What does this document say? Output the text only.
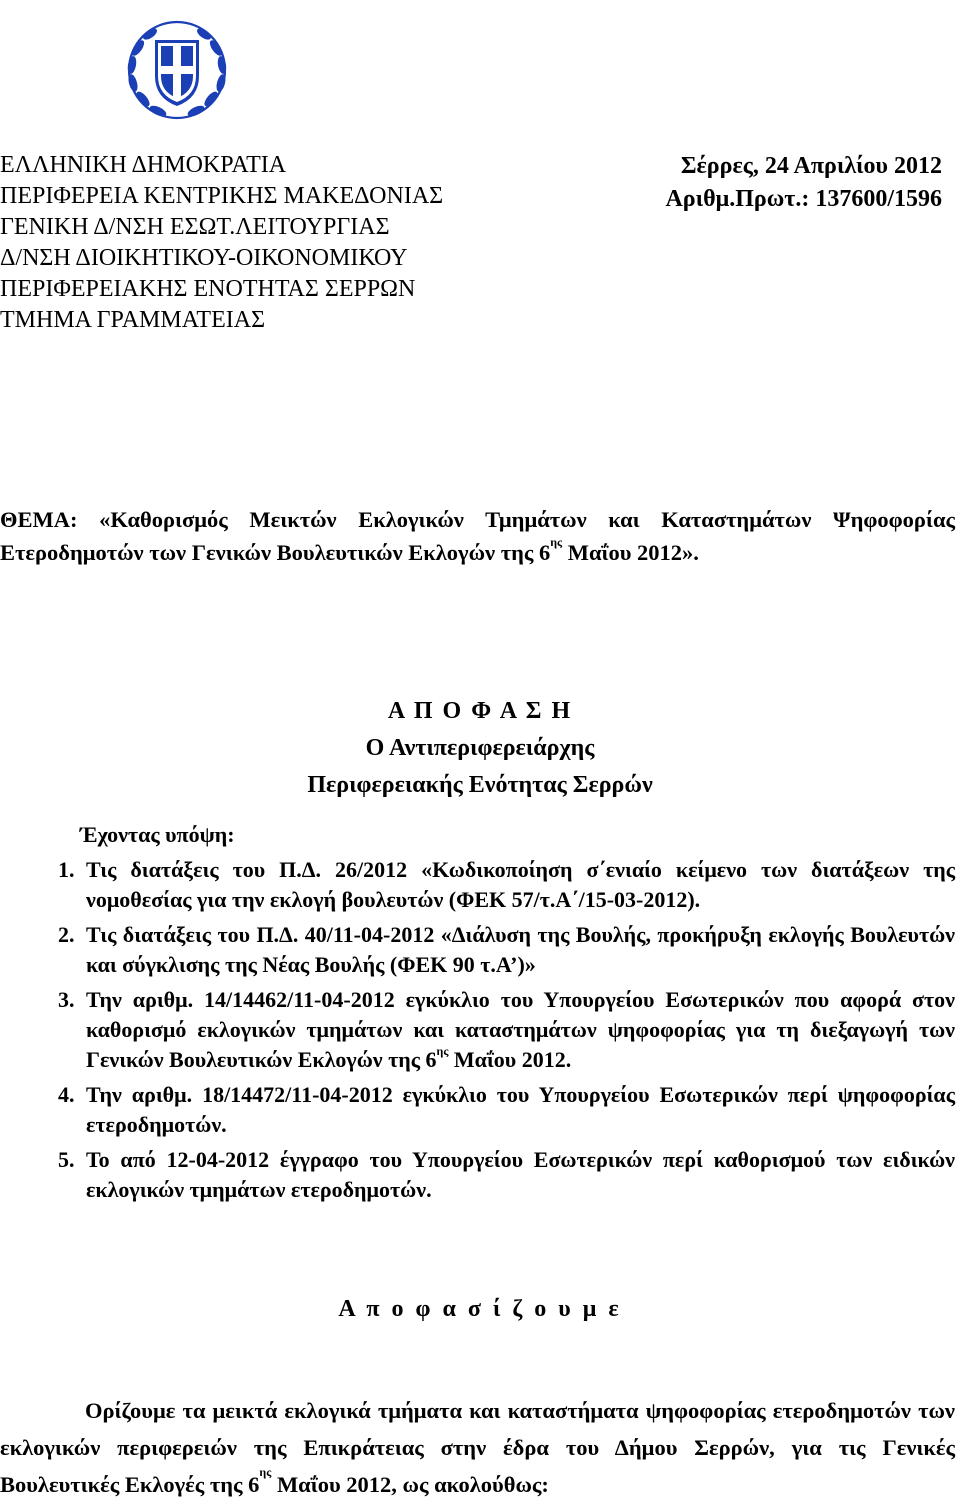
ΕΛΛΗΝΙΚΗ ΔΗΜΟΚΡΑΤΙΑ
ΠΕΡΙΦΕΡΕΙΑ ΚΕΝΤΡΙΚΗΣ ΜΑΚΕΔΟΝΙΑΣ
ΓΕΝΙΚΗ Δ/ΝΣΗ ΕΣΩΤ.ΛΕΙΤΟΥΡΓΙΑΣ
Δ/ΝΣΗ ΔΙΟΙΚΗΤΙΚΟΥ-ΟΙΚΟΝΟΜΙΚΟΥ
ΠΕΡΙΦΕΡΕΙΑΚΗΣ ΕΝΟΤΗΤΑΣ ΣΕΡΡΩΝ
ΤΜΗΜΑ ΓΡΑΜΜΑΤΕΙΑΣ
Σέρρες, 24 Απριλίου 2012
Αριθμ.Πρωτ.: 137600/1596
ΘΕΜΑ: «Καθορισμός Μεικτών Εκλογικών Τμημάτων και Καταστημάτων Ψηφοφορίας Ετεροδημοτών των Γενικών Βουλευτικών Εκλογών της $6^{\eta\varsigma}$ Μαΐου 2012».
Α Π Ο Φ Α Σ Η
Ο Αντιπεριφερειάρχης
Περιφερειακής Ενότητας Σερρών
Έχοντας υπόψη:
1. Τις διατάξεις του Π.Δ. 26/2012 «Κωδικοποίηση σ΄ενιαίο κείμενο των διατάξεων της νομοθεσίας για την εκλογή βουλευτών (ΦΕΚ 57/τ.Α΄/15-03-2012).
2. Τις διατάξεις του Π.Δ. 40/11-04-2012 «Διάλυση της Βουλής, προκήρυξη εκλογής Βουλευτών και σύγκλισης της Νέας Βουλής (ΦΕΚ 90 τ.Α’)»
3. Την αριθμ. 14/14462/11-04-2012 εγκύκλιο του Υπουργείου Εσωτερικών που αφορά στον καθορισμό εκλογικών τμημάτων και καταστημάτων ψηφοφορίας για τη διεξαγωγή των Γενικών Βουλευτικών Εκλογών της $6^{\eta\varsigma}$ Μαΐου 2012.
4. Την αριθμ. 18/14472/11-04-2012 εγκύκλιο του Υπουργείου Εσωτερικών περί ψηφοφορίας ετεροδημοτών.
5. Το από 12-04-2012 έγγραφο του Υπουργείου Εσωτερικών περί καθορισμού των ειδικών εκλογικών τμημάτων ετεροδημοτών.
Α π ο φ α σ ί ζ ο υ μ ε
Ορίζουμε τα μεικτά εκλογικά τμήματα και καταστήματα ψηφοφορίας ετεροδημοτών των εκλογικών περιφερειών της Επικράτειας στην έδρα του Δήμου Σερρών, για τις Γενικές Βουλευτικές Εκλογές της $6^{\eta\varsigma}$ Μαΐου 2012, ως ακολούθως:
